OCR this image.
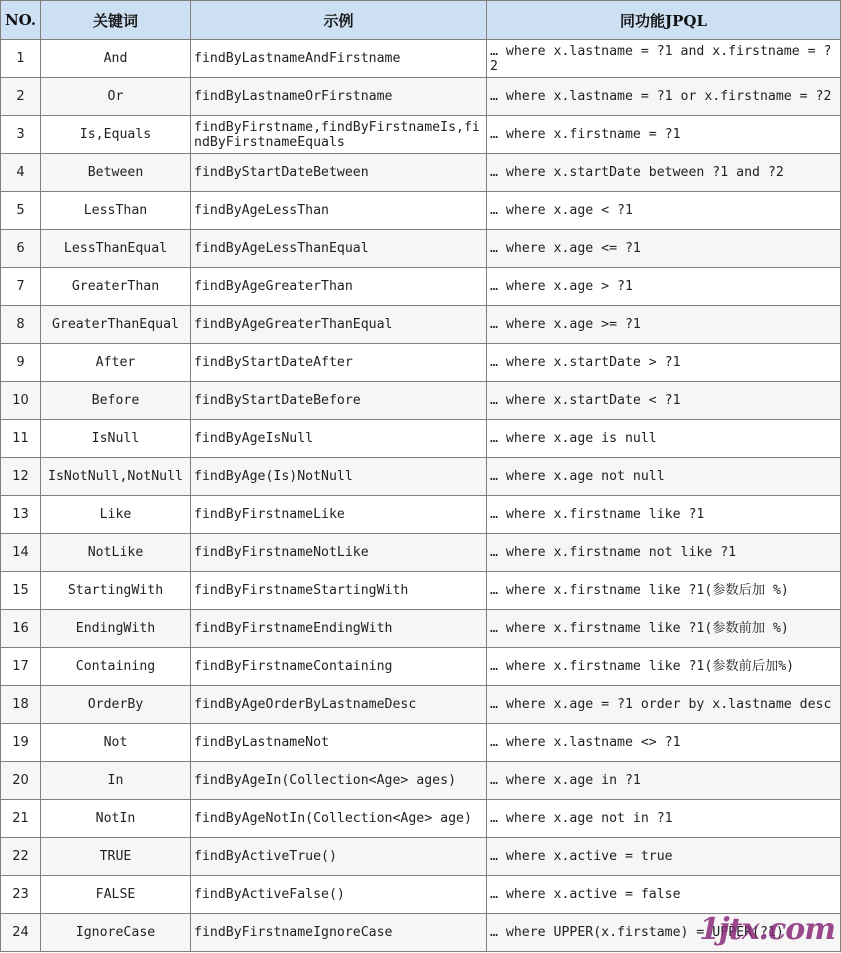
NO.	关键词	示例	同功能JPQL
1	And	findByLastnameAndFirstname	… where x.lastname = ?1 and x.firstname = ?2
2	Or	findByLastnameOrFirstname	… where x.lastname = ?1 or x.firstname = ?2
3	Is,Equals	findByFirstname,findByFirstnameIs,findByFirstnameEquals	… where x.firstname = ?1
4	Between	findByStartDateBetween	… where x.startDate between ?1 and ?2
5	LessThan	findByAgeLessThan	… where x.age < ?1
6	LessThanEqual	findByAgeLessThanEqual	… where x.age <= ?1
7	GreaterThan	findByAgeGreaterThan	… where x.age > ?1
8	GreaterThanEqual	findByAgeGreaterThanEqual	… where x.age >= ?1
9	After	findByStartDateAfter	… where x.startDate > ?1
10	Before	findByStartDateBefore	… where x.startDate < ?1
11	IsNull	findByAgeIsNull	… where x.age is null
12	IsNotNull,NotNull	findByAge(Is)NotNull	… where x.age not null
13	Like	findByFirstnameLike	… where x.firstname like ?1
14	NotLike	findByFirstnameNotLike	… where x.firstname not like ?1
15	StartingWith	findByFirstnameStartingWith	… where x.firstname like ?1(参数后加 %)
16	EndingWith	findByFirstnameEndingWith	… where x.firstname like ?1(参数前加 %)
17	Containing	findByFirstnameContaining	… where x.firstname like ?1(参数前后加%)
18	OrderBy	findByAgeOrderByLastnameDesc	… where x.age = ?1 order by x.lastname desc
19	Not	findByLastnameNot	… where x.lastname <> ?1
20	In	findByAgeIn(Collection<Age> ages)	… where x.age in ?1
21	NotIn	findByAgeNotIn(Collection<Age> age)	… where x.age not in ?1
22	TRUE	findByActiveTrue()	… where x.active = true
23	FALSE	findByActiveFalse()	… where x.active = false
24	IgnoreCase	findByFirstnameIgnoreCase	… where UPPER(x.firstame) = UPPER(?1)
1jtx.com
